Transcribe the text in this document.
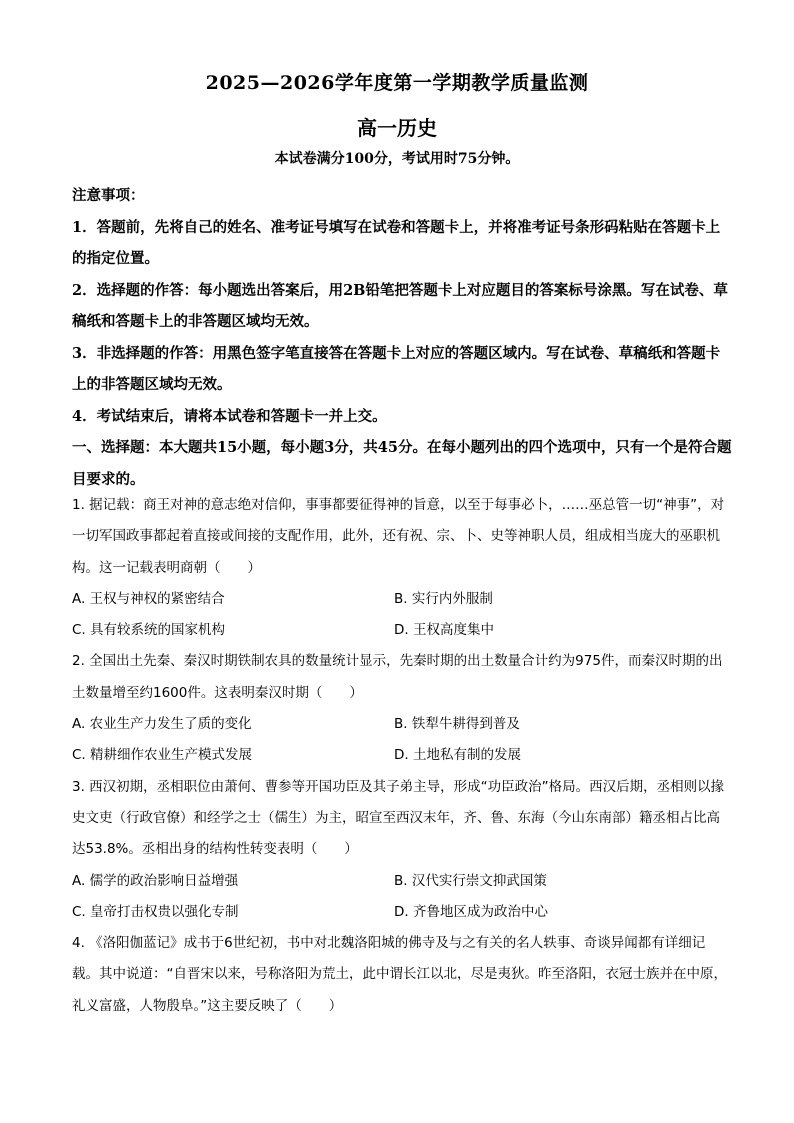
2025—2026学年度第一学期教学质量监测
高一历史
本试卷满分100分，考试用时75分钟。

注意事项：

1．答题前，先将自己的姓名、准考证号填写在试卷和答题卡上，并将准考证号条形码粘贴在答题卡上的指定位置。

2．选择题的作答：每小题选出答案后，用2B铅笔把答题卡上对应题目的答案标号涂黑。写在试卷、草稿纸和答题卡上的非答题区域均无效。

3．非选择题的作答：用黑色签字笔直接答在答题卡上对应的答题区域内。写在试卷、草稿纸和答题卡上的非答题区域均无效。

4．考试结束后，请将本试卷和答题卡一并上交。

一、选择题：本大题共15小题，每小题3分，共45分。在每小题列出的四个选项中，只有一个是符合题目要求的。

1. 据记载：商王对神的意志绝对信仰，事事都要征得神的旨意，以至于每事必卜，……巫总管一切“神事”，对一切军国政事都起着直接或间接的支配作用，此外，还有祝、宗、卜、史等神职人员，组成相当庞大的巫职机构。这一记载表明商朝（　　）

A. 王权与神权的紧密结合	B. 实行内外服制
C. 具有较系统的国家机构	D. 王权高度集中

2. 全国出土先秦、秦汉时期铁制农具的数量统计显示，先秦时期的出土数量合计约为975件，而秦汉时期的出土数量增至约1600件。这表明秦汉时期（　　）

A. 农业生产力发生了质的变化	B. 铁犁牛耕得到普及
C. 精耕细作农业生产模式发展	D. 土地私有制的发展

3. 西汉初期，丞相职位由萧何、曹参等开国功臣及其子弟主导，形成“功臣政治”格局。西汉后期，丞相则以掾史文吏（行政官僚）和经学之士（儒生）为主，昭宣至西汉末年，齐、鲁、东海（今山东南部）籍丞相占比高达53.8%。丞相出身的结构性转变表明（　　）

A. 儒学的政治影响日益增强	B. 汉代实行崇文抑武国策
C. 皇帝打击权贵以强化专制	D. 齐鲁地区成为政治中心

4. 《洛阳伽蓝记》成书于6世纪初，书中对北魏洛阳城的佛寺及与之有关的名人轶事、奇谈异闻都有详细记载。其中说道：“自晋宋以来，号称洛阳为荒土，此中谓长江以北，尽是夷狄。昨至洛阳，衣冠士族并在中原，礼义富盛，人物殷阜。”这主要反映了（　　）
